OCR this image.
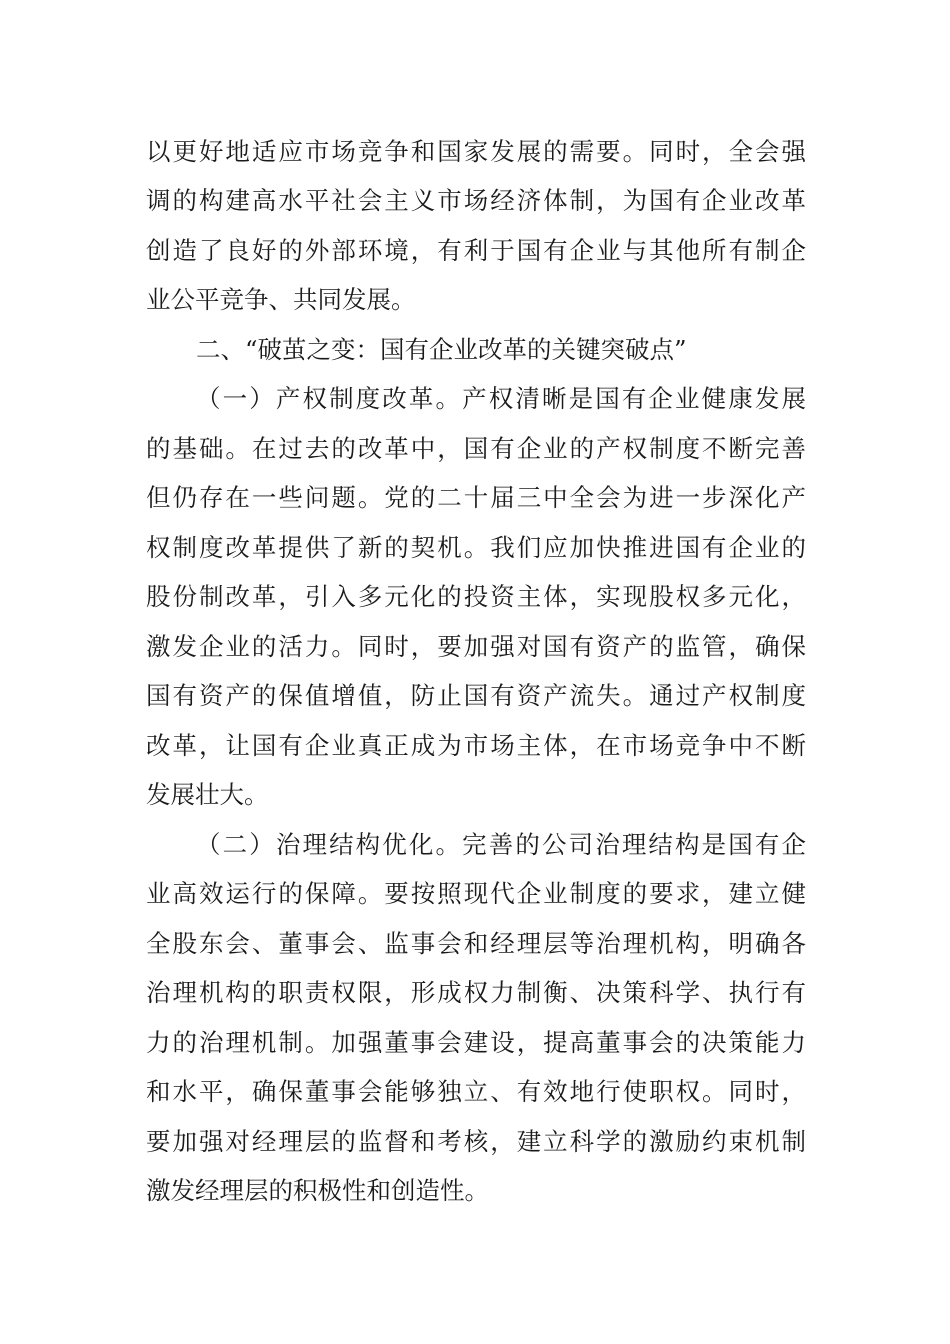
以更好地适应市场竞争和国家发展的需要。同时，全会强

调的构建高水平社会主义市场经济体制，为国有企业改革

创造了良好的外部环境，有利于国有企业与其他所有制企

业公平竞争、共同发展。

二、“破茧之变：国有企业改革的关键突破点”

（一）产权制度改革。产权清晰是国有企业健康发展

的基础。在过去的改革中，国有企业的产权制度不断完善

但仍存在一些问题。党的二十届三中全会为进一步深化产

权制度改革提供了新的契机。我们应加快推进国有企业的

股份制改革，引入多元化的投资主体，实现股权多元化，

激发企业的活力。同时，要加强对国有资产的监管，确保

国有资产的保值增值，防止国有资产流失。通过产权制度

改革，让国有企业真正成为市场主体，在市场竞争中不断

发展壮大。

（二）治理结构优化。完善的公司治理结构是国有企

业高效运行的保障。要按照现代企业制度的要求，建立健

全股东会、董事会、监事会和经理层等治理机构，明确各

治理机构的职责权限，形成权力制衡、决策科学、执行有

力的治理机制。加强董事会建设，提高董事会的决策能力

和水平，确保董事会能够独立、有效地行使职权。同时，

要加强对经理层的监督和考核，建立科学的激励约束机制

激发经理层的积极性和创造性。
